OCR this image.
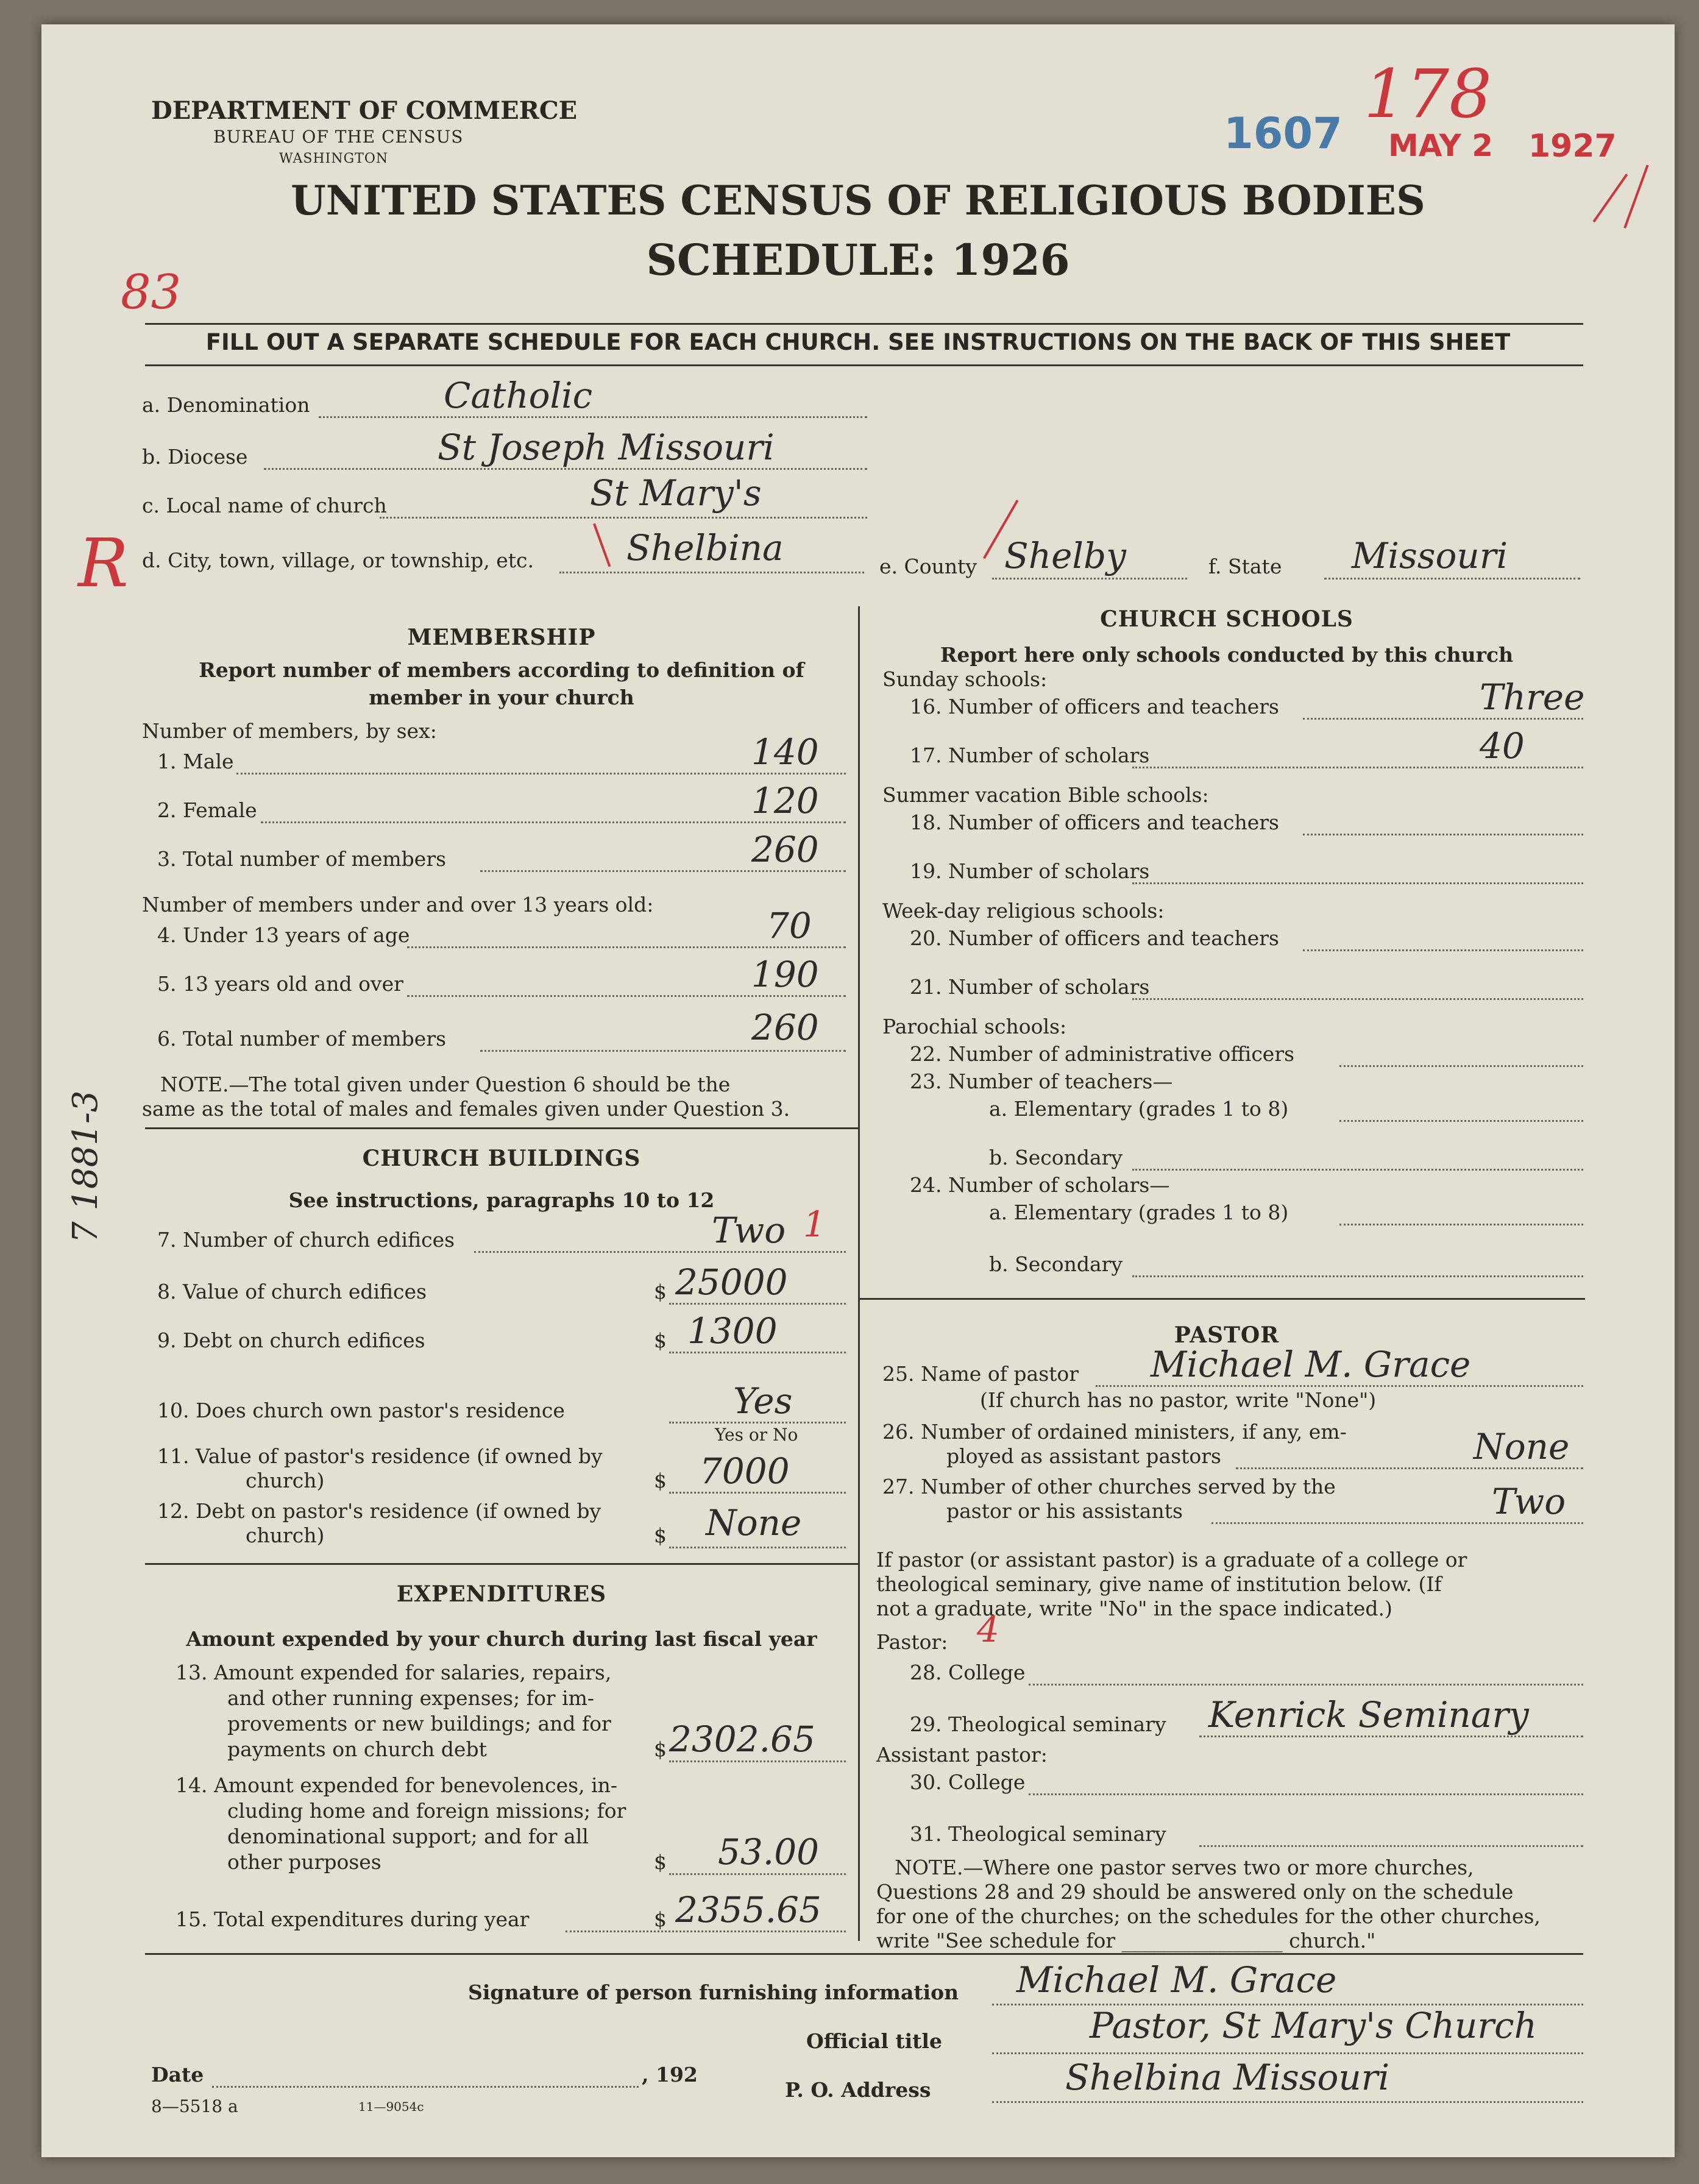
DEPARTMENT OF COMMERCE
BUREAU OF THE CENSUS
WASHINGTON
1607
178
MAY 2 1927
UNITED STATES CENSUS OF RELIGIOUS BODIES
SCHEDULE: 1926
83
FILL OUT A SEPARATE SCHEDULE FOR EACH CHURCH. SEE INSTRUCTIONS ON THE BACK OF THIS SHEET
a. Denomination	Catholic
b. Diocese	St Joseph Missouri
c. Local name of church	St Mary's
R d. City, town, village, or township, etc.	Shelbina	e. County Shelby	f. State Missouri
MEMBERSHIP
Report number of members according to definition of
member in your church
Number of members, by sex:
1. Male	140
2. Female	120
3. Total number of members	260
Number of members under and over 13 years old:
4. Under 13 years of age	70
5. 13 years old and over	190
6. Total number of members	260
NOTE.—The total given under Question 6 should be the
same as the total of males and females given under Question 3.
CHURCH BUILDINGS
See instructions, paragraphs 10 to 12
7. Number of church edifices	Two 1
8. Value of church edifices	$ 25000
9. Debt on church edifices	$ 1300
10. Does church own pastor's residence	Yes
Yes or No
11. Value of pastor's residence (if owned by
church)	$ 7000
12. Debt on pastor's residence (if owned by
church)	$ None
EXPENDITURES
Amount expended by your church during last fiscal year
13. Amount expended for salaries, repairs,
and other running expenses; for im-
provements or new buildings; and for
payments on church debt	$ 2302.65
14. Amount expended for benevolences, in-
cluding home and foreign missions; for
denominational support; and for all
other purposes	$ 53.00
15. Total expenditures during year	$ 2355.65
7 1881-3
CHURCH SCHOOLS
Report here only schools conducted by this church
Sunday schools:
16. Number of officers and teachers	Three
17. Number of scholars	40
Summer vacation Bible schools:
18. Number of officers and teachers
19. Number of scholars
Week-day religious schools:
20. Number of officers and teachers
21. Number of scholars
Parochial schools:
22. Number of administrative officers
23. Number of teachers—
a. Elementary (grades 1 to 8)
b. Secondary
24. Number of scholars—
a. Elementary (grades 1 to 8)
b. Secondary
PASTOR
25. Name of pastor Michael M. Grace
(If church has no pastor, write "None")
26. Number of ordained ministers, if any, em-
ployed as assistant pastors	None
27. Number of other churches served by the
pastor or his assistants	Two
If pastor (or assistant pastor) is a graduate of a college or
theological seminary, give name of institution below. (If
not a graduate, write "No" in the space indicated.)
Pastor: 4
28. College
29. Theological seminary Kenrick Seminary
Assistant pastor:
30. College
31. Theological seminary
NOTE.—Where one pastor serves two or more churches,
Questions 28 and 29 should be answered only on the schedule
for one of the churches; on the schedules for the other churches,
write "See schedule for ________________ church."
Signature of person furnishing information Michael M. Grace
Official title	Pastor, St Mary's Church
Date	, 192
P. O. Address	Shelbina Missouri
8—5518 a	11—9054c
